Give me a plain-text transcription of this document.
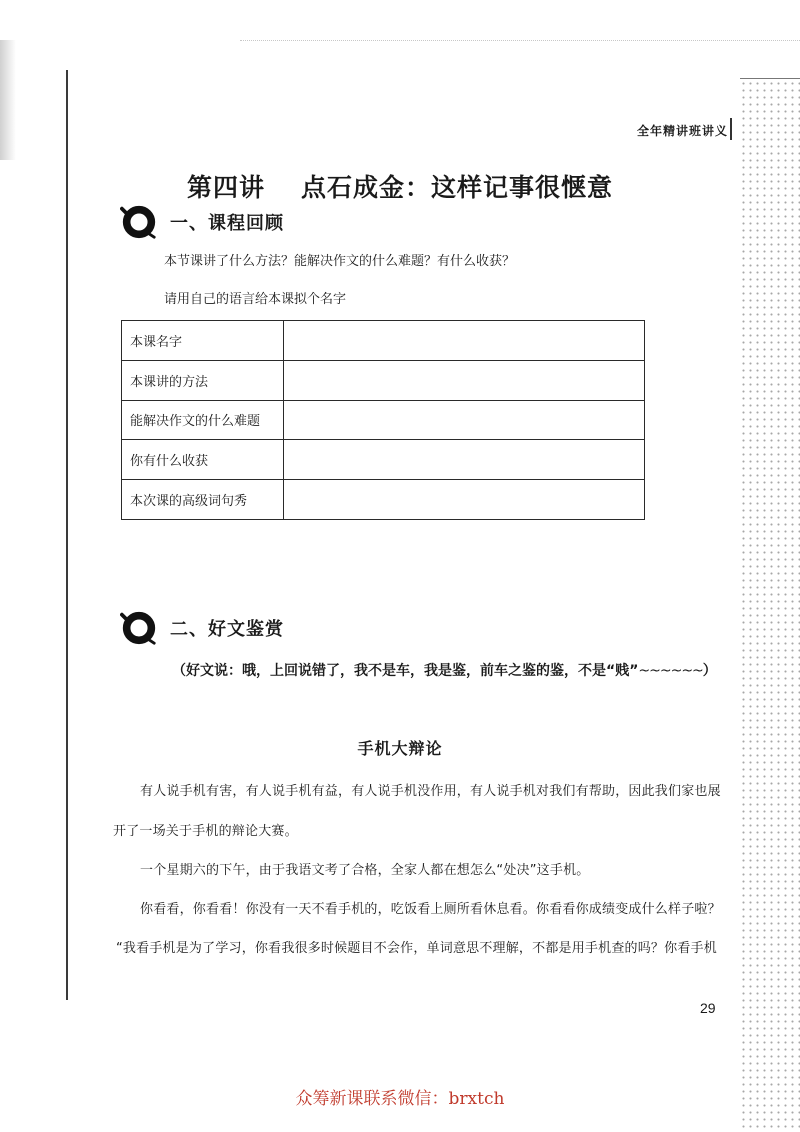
全年精讲班讲义
第四讲 点石成金：这样记事很惬意
一、课程回顾
本节课讲了什么方法？能解决作文的什么难题？有什么收获？
请用自己的语言给本课拟个名字
本课名字	
本课讲的方法	
能解决作文的什么难题	
你有什么收获	
本次课的高级词句秀	
二、好文鉴赏
（好文说：哦，上回说错了，我不是车，我是鉴，前车之鉴的鉴，不是“贱”~~~~~~）
手机大辩论
有人说手机有害，有人说手机有益，有人说手机没作用，有人说手机对我们有帮助，因此我们家也展
开了一场关于手机的辩论大赛。
一个星期六的下午，由于我语文考了合格，全家人都在想怎么“处决”这手机。
你看看，你看看！你没有一天不看手机的，吃饭看上厕所看休息看。你看看你成绩变成什么样子啦？
“我看手机是为了学习，你看我很多时候题目不会作，单词意思不理解，不都是用手机查的吗？你看手机
29
众筹新课联系微信：brxtch
